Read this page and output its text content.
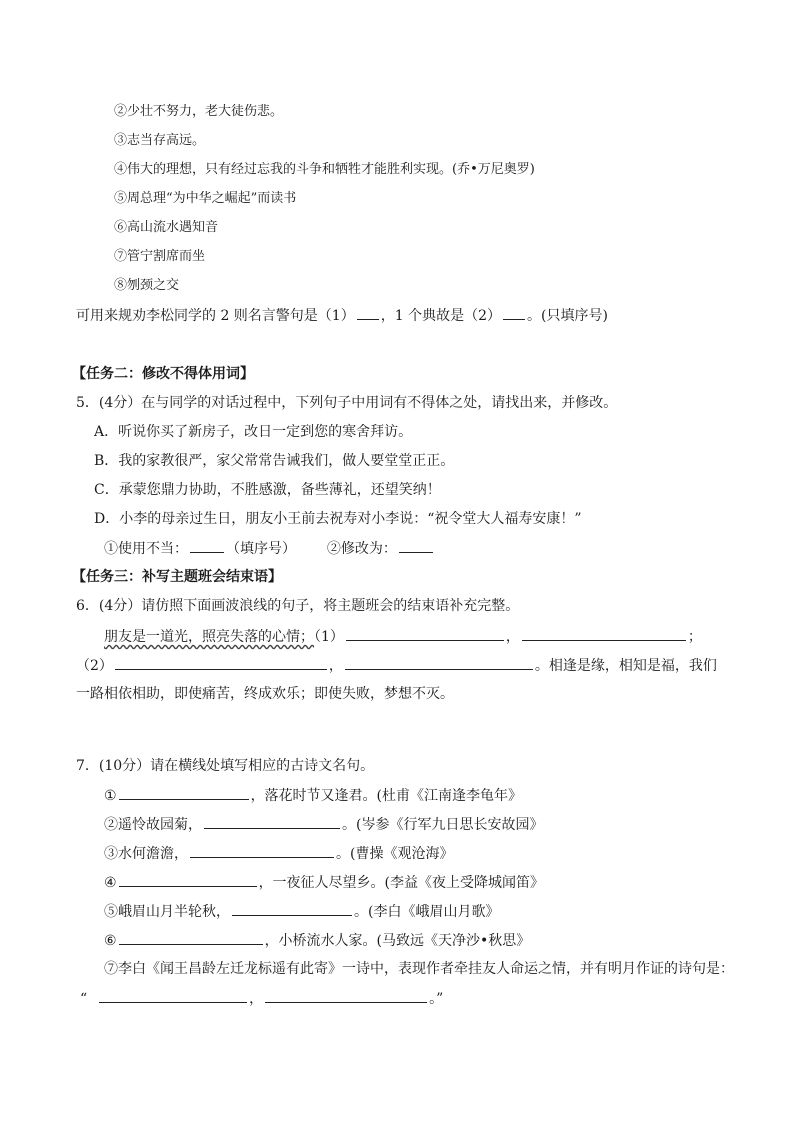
②少壮不努力，老大徒伤悲。
③志当存高远。
④伟大的理想，只有经过忘我的斗争和牺牲才能胜利实现。(乔•万尼奥罗)
⑤周总理“为中华之崛起”而读书
⑥高山流水遇知音
⑦管宁割席而坐
⑧刎颈之交
可用来规劝李松同学的 2 则名言警句是（1） ，1 个典故是（2） 。(只填序号)
【任务二：修改不得体用词】
5．(4分）在与同学的对话过程中，下列句子中用词有不得体之处，请找出来，并修改。
A．听说你买了新房子，改日一定到您的寒舍拜访。
B．我的家教很严，家父常常告诫我们，做人要堂堂正正。
C．承蒙您鼎力协助，不胜感激，备些薄礼，还望笑纳！
D．小李的母亲过生日，朋友小王前去祝寿对小李说：“祝令堂大人福寿安康！”
①使用不当：	（填序号） ②修改为：
【任务三：补写主题班会结束语】
6．(4分）请仿照下面画波浪线的句子，将主题班会的结束语补充完整。
朋友是一道光，照亮失落的心情；（1）	，	；
（2）	，	。相逢是缘，相知是福，我们
一路相依相助，即使痛苦，终成欢乐；即使失败，梦想不灭。
7．(10分）请在横线处填写相应的古诗文名句。
①	，落花时节又逢君。(杜甫《江南逢李龟年》
②遥怜故园菊，	。(岑参《行军九日思长安故园》
③水何澹澹，	。(曹操《观沧海》
④	，一夜征人尽望乡。(李益《夜上受降城闻笛》
⑤峨眉山月半轮秋，	。(李白《峨眉山月歌》
⑥	，小桥流水人家。(马致远《天净沙•秋思》
⑦李白《闻王昌龄左迁龙标遥有此寄》一诗中，表现作者牵挂友人命运之情，并有明月作证的诗句是：
“	，	。”
